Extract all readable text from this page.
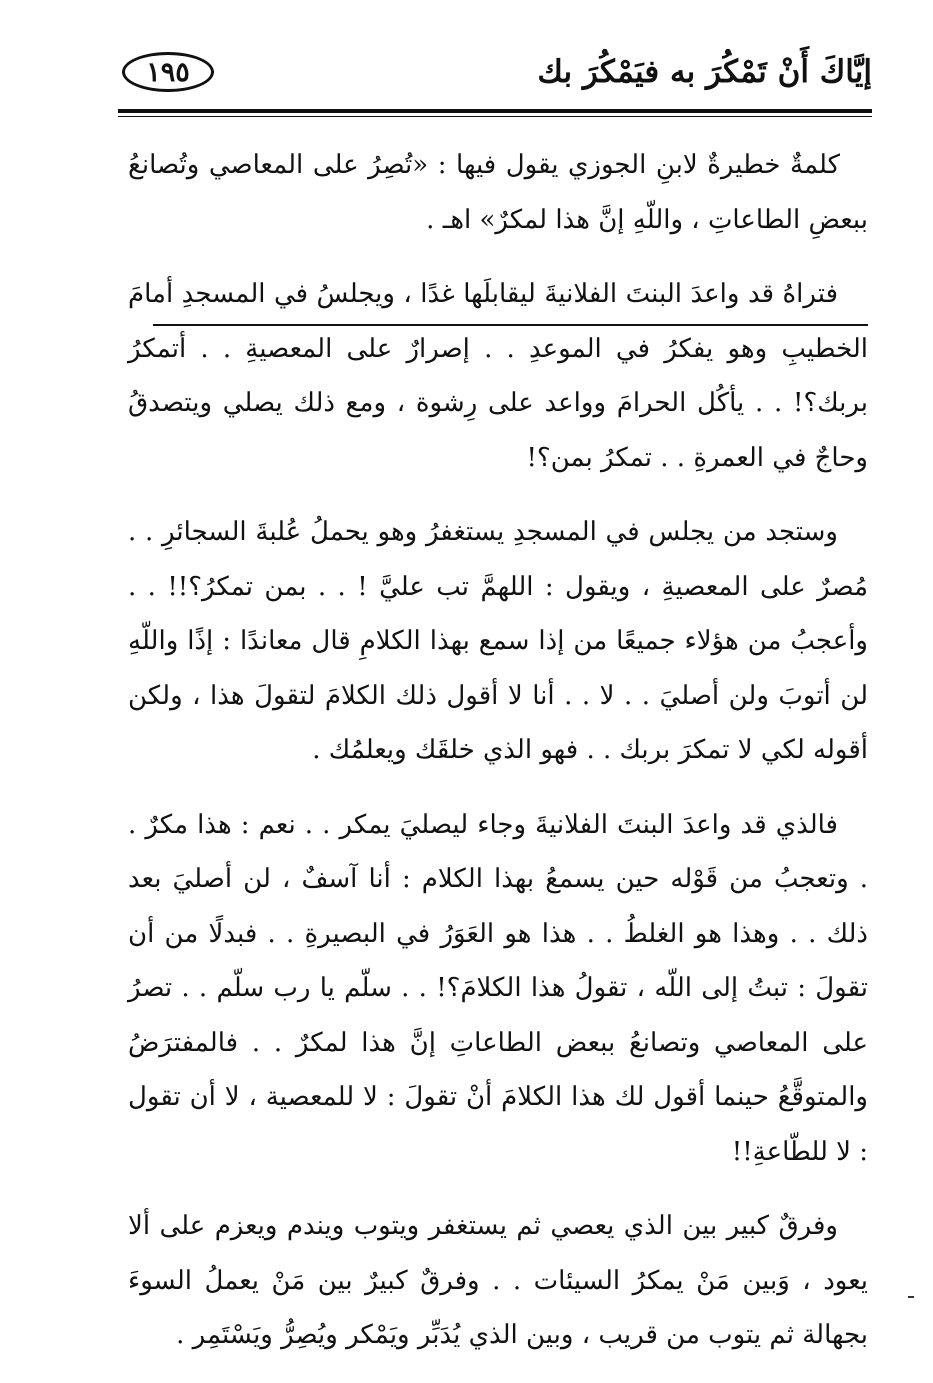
١٩٥	إيَّاكَ أَنْ تَمْكُرَ به فيَمْكُرَ بك

كلمةٌ خطيرةٌ لابنِ الجوزي يقول فيها : «تُصِرُ على المعاصي وتُصانعُ ببعضِ الطاعاتِ ، واللّهِ إنَّ هذا لمكرٌ» اهـ .

فتراهُ قد واعدَ البنتَ الفلانيةَ ليقابلَها غدًا ، ويجلسُ في المسجدِ أمامَ الخطيبِ وهو يفكرُ في الموعدِ . . إصرارٌ على المعصيةِ . . أتمكرُ بربك؟! . . يأكُل الحرامَ وواعد على رِشوة ، ومع ذلك يصلي ويتصدقُ وحاجٌ في العمرةِ . . تمكرُ بمن؟!

وستجد من يجلس في المسجدِ يستغفرُ وهو يحملُ عُلبةَ السجائرِ . . مُصرٌ على المعصيةِ ، ويقول : اللهمَّ تب عليَّ ! . . بمن تمكرُ؟!! . . وأعجبُ من هؤلاء جميعًا من إذا سمع بهذا الكلامِ قال معاندًا : إذًا واللّهِ لن أتوبَ ولن أصليَ . . لا . . أنا لا أقول ذلك الكلامَ لتقولَ هذا ، ولكن أقوله لكي لا تمكرَ بربك . . فهو الذي خلقَك ويعلمُك .

فالذي قد واعدَ البنتَ الفلانيةَ وجاء ليصليَ يمكر . . نعم : هذا مكرٌ . . وتعجبُ من قَوْله حين يسمعُ بهذا الكلام : أنا آسفٌ ، لن أصليَ بعد ذلك . . وهذا هو الغلطُ . . هذا هو العَوَرُ في البصيرةِ . . فبدلًا من أن تقولَ : تبتُ إلى اللّه ، تقولُ هذا الكلامَ؟! . . سلّم يا رب سلّم . . تصرُ على المعاصي وتصانعُ ببعض الطاعاتِ إنَّ هذا لمكرٌ . . فالمفترَضُ والمتوقَّعُ حينما أقول لك هذا الكلامَ أنْ تقولَ : لا للمعصية ، لا أن تقول : لا للطّاعةِ!!

وفرقٌ كبير بين الذي يعصي ثم يستغفر ويتوب ويندم ويعزم على ألا يعود ، وَبين مَنْ يمكرُ السيئات . . وفرقٌ كبيرٌ بين مَنْ يعملُ السوءَ بجهالة ثم يتوب من قريب ، وبين الذي يُدَبِّر ويَمْكر ويُصِرُّ ويَسْتَمِر .
